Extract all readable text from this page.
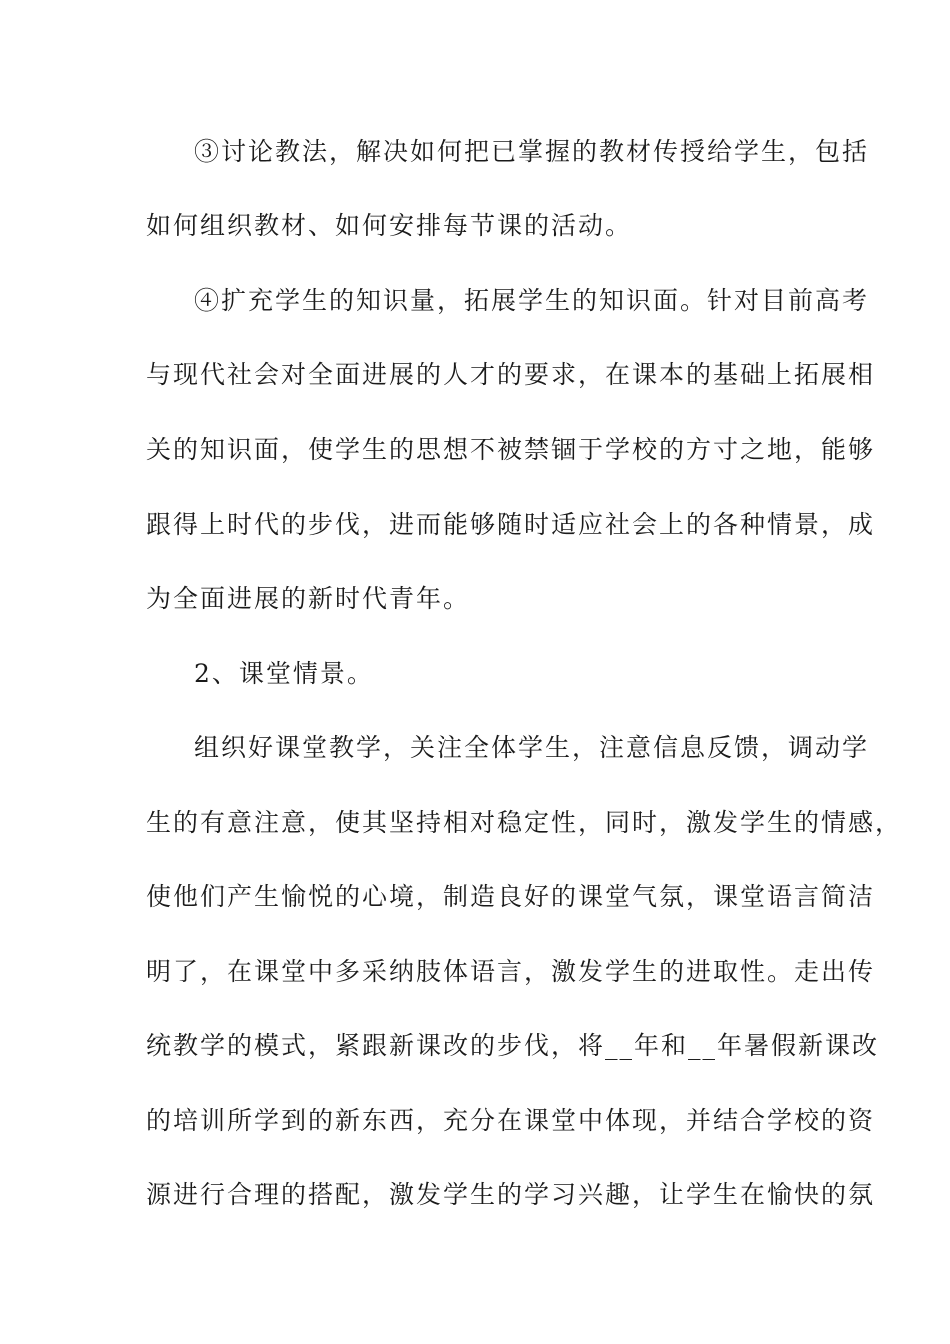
③讨论教法，解决如何把已掌握的教材传授给学生，包括
如何组织教材、如何安排每节课的活动。
④扩充学生的知识量，拓展学生的知识面。针对目前高考
与现代社会对全面进展的人才的要求，在课本的基础上拓展相
关的知识面，使学生的思想不被禁锢于学校的方寸之地，能够
跟得上时代的步伐，进而能够随时适应社会上的各种情景，成
为全面进展的新时代青年。
2、课堂情景。
组织好课堂教学，关注全体学生，注意信息反馈，调动学
生的有意注意，使其坚持相对稳定性，同时，激发学生的情感，
使他们产生愉悦的心境，制造良好的课堂气氛，课堂语言简洁
明了，在课堂中多采纳肢体语言，激发学生的进取性。走出传
统教学的模式，紧跟新课改的步伐，将__年和__年暑假新课改
的培训所学到的新东西，充分在课堂中体现，并结合学校的资
源进行合理的搭配，激发学生的学习兴趣，让学生在愉快的氛
